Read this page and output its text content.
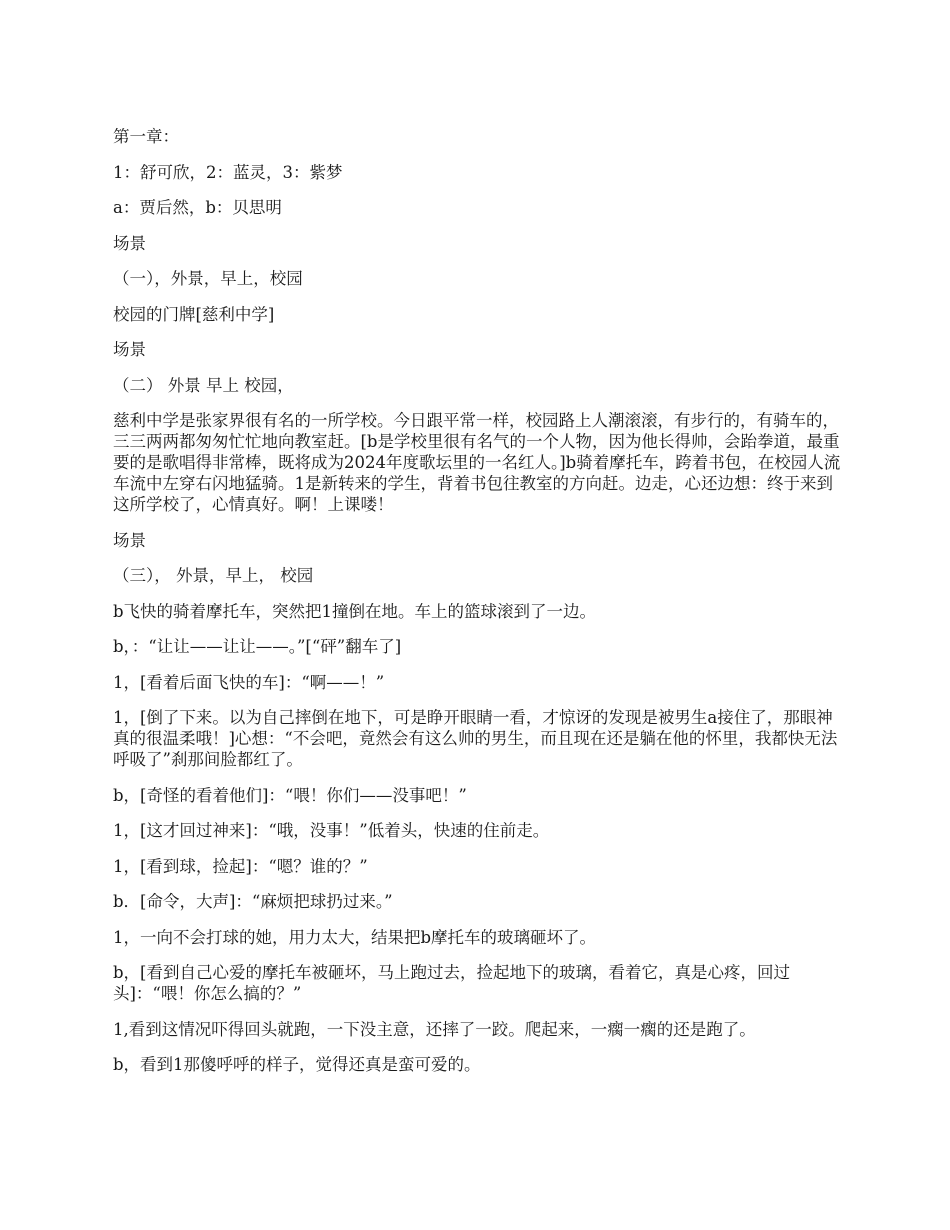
第一章：

1：舒可欣，2：蓝灵，3：紫梦

a：贾后然，b：贝思明

场景

（一），外景，早上，校园

校园的门牌[慈利中学]

场景

（二） 外景 早上 校园，

慈利中学是张家界很有名的一所学校。今日跟平常一样，校园路上人潮滚滚，有步行的，有骑车的，三三两两都匆匆忙忙地向教室赶。[b是学校里很有名气的一个人物，因为他长得帅，会跆拳道，最重要的是歌唱得非常棒，既将成为2024年度歌坛里的一名红人。]b骑着摩托车，跨着书包，在校园人流车流中左穿右闪地猛骑。1是新转来的学生，背着书包往教室的方向赶。边走，心还边想：终于来到这所学校了，心情真好。啊！上课喽！

场景

（三）， 外景，早上， 校园

b飞快的骑着摩托车，突然把1撞倒在地。车上的篮球滚到了一边。

b，：“让让——让让——。”[“砰”翻车了]

1，[看着后面飞快的车]：“啊——！”

1，[倒了下来。以为自己摔倒在地下，可是睁开眼睛一看，才惊讶的发现是被男生a接住了，那眼神真的很温柔哦！]心想：“不会吧，竟然会有这么帅的男生，而且现在还是躺在他的怀里，我都快无法呼吸了”刹那间脸都红了。

b，[奇怪的看着他们]：“喂！你们——没事吧！”

1，[这才回过神来]：“哦，没事！”低着头，快速的住前走。

1，[看到球，捡起]：“嗯？谁的？”

b．[命令，大声]：“麻烦把球扔过来。”

1，一向不会打球的她，用力太大，结果把b摩托车的玻璃砸坏了。

b，[看到自己心爱的摩托车被砸坏，马上跑过去，捡起地下的玻璃，看着它，真是心疼，回过头]：“喂！你怎么搞的？”

1,看到这情况吓得回头就跑，一下没主意，还摔了一跤。爬起来，一瘸一瘸的还是跑了。

b，看到1那傻呼呼的样子，觉得还真是蛮可爱的。
